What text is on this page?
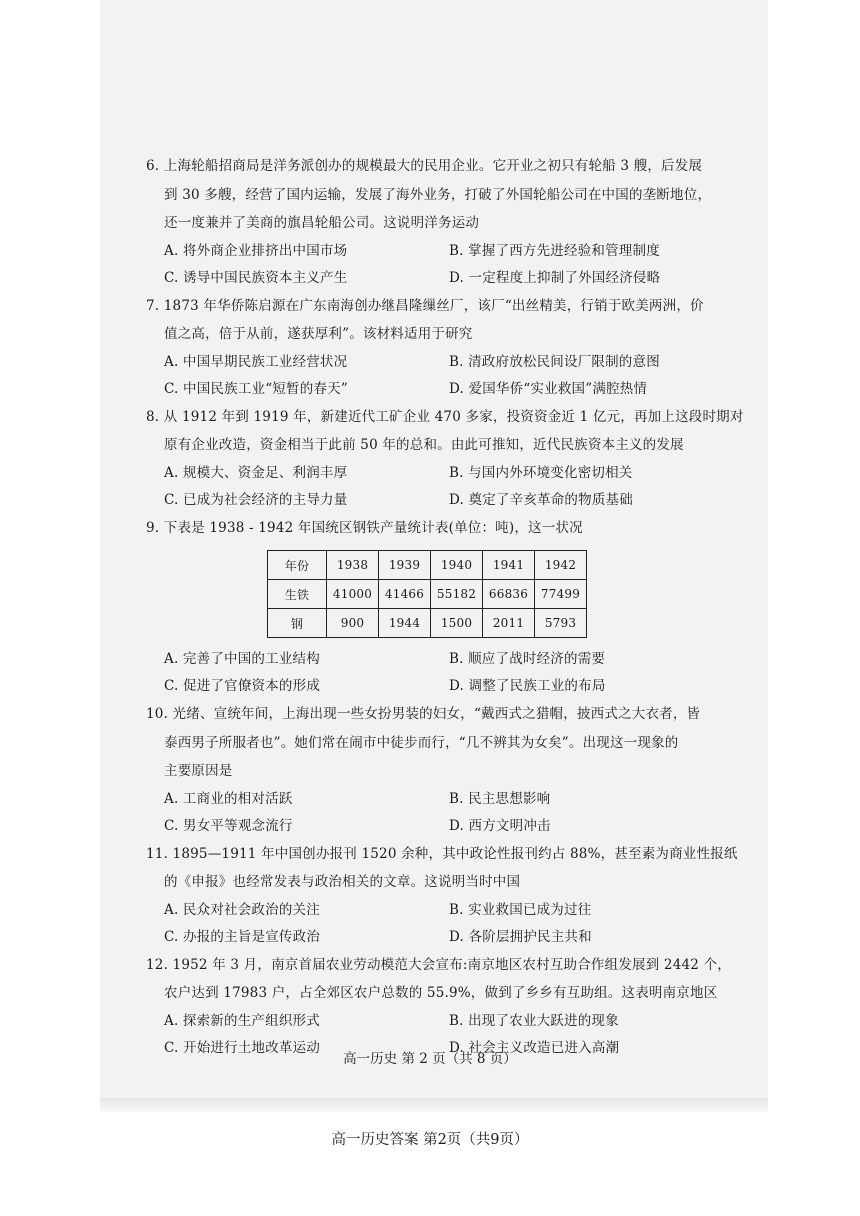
6. 上海轮船招商局是洋务派创办的规模最大的民用企业。它开业之初只有轮船 3 艘，后发展
到 30 多艘，经营了国内运输，发展了海外业务，打破了外国轮船公司在中国的垄断地位，
还一度兼并了美商的旗昌轮船公司。这说明洋务运动
A. 将外商企业排挤出中国市场	B. 掌握了西方先进经验和管理制度
C. 诱导中国民族资本主义产生	D. 一定程度上抑制了外国经济侵略
7. 1873 年华侨陈启源在广东南海创办继昌隆缫丝厂，该厂“出丝精美，行销于欧美两洲，价
值之高，倍于从前，遂获厚利”。该材料适用于研究
A. 中国早期民族工业经营状况	B. 清政府放松民间设厂限制的意图
C. 中国民族工业“短暂的春天”	D. 爱国华侨“实业救国”满腔热情
8. 从 1912 年到 1919 年，新建近代工矿企业 470 多家，投资资金近 1 亿元，再加上这段时期对
原有企业改造，资金相当于此前 50 年的总和。由此可推知，近代民族资本主义的发展
A. 规模大、资金足、利润丰厚	B. 与国内外环境变化密切相关
C. 已成为社会经济的主导力量	D. 奠定了辛亥革命的物质基础
9. 下表是 1938 - 1942 年国统区钢铁产量统计表(单位：吨)，这一状况
年份	1938	1939	1940	1941	1942
生铁	41000	41466	55182	66836	77499
钢	900	1944	1500	2011	5793
A. 完善了中国的工业结构	B. 顺应了战时经济的需要
C. 促进了官僚资本的形成	D. 调整了民族工业的布局
10. 光绪、宣统年间，上海出现一些女扮男装的妇女，“戴西式之猎帽，披西式之大衣者，皆
泰西男子所服者也”。她们常在闹市中徒步而行，“几不辨其为女矣”。出现这一现象的
主要原因是
A. 工商业的相对活跃	B. 民主思想影响
C. 男女平等观念流行	D. 西方文明冲击
11. 1895—1911 年中国创办报刊 1520 余种，其中政论性报刊约占 88%，甚至素为商业性报纸
的《申报》也经常发表与政治相关的文章。这说明当时中国
A. 民众对社会政治的关注	B. 实业救国已成为过往
C. 办报的主旨是宣传政治	D. 各阶层拥护民主共和
12. 1952 年 3 月，南京首届农业劳动模范大会宣布:南京地区农村互助合作组发展到 2442 个，
农户达到 17983 户，占全郊区农户总数的 55.9%，做到了乡乡有互助组。这表明南京地区
A. 探索新的生产组织形式	B. 出现了农业大跃进的现象
C. 开始进行土地改革运动	D. 社会主义改造已进入高潮
高一历史 第 2 页（共 8 页）
高一历史答案 第2页（共9页）
